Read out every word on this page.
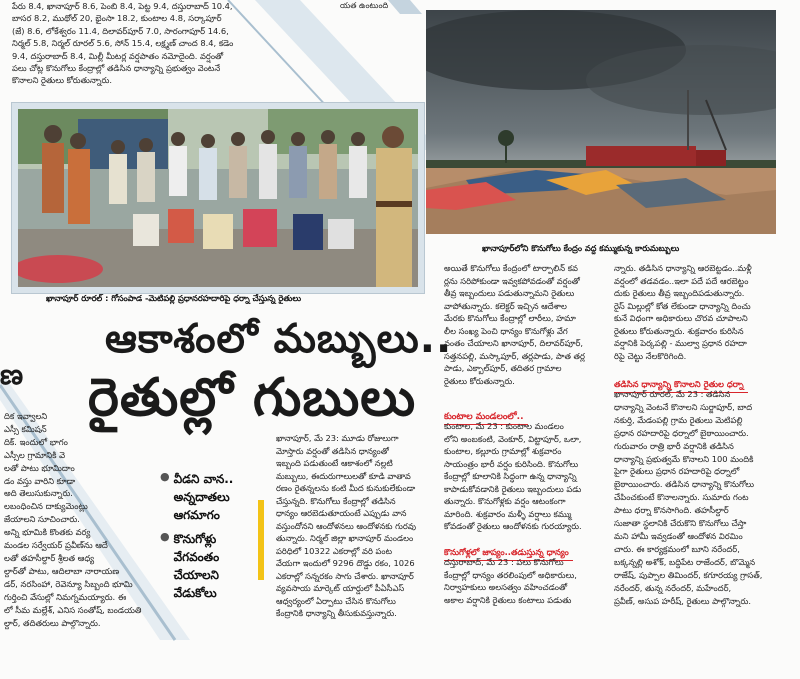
పేరు 8.4, ఖానాపూర్ 8.6, పెంబి 8.4, పెట్ట 9.4, దస్తురాబాద్ 10.4,
బాసర 8.2, ముథోల్ 20, భైంసా 18.2, కుంటాల 4.8, సర్కాపూర్
(జే) 8.6, లోకేశ్వరం 11.4, దిలావర్‌పూర్ 7.0, సారంగాపూర్ 14.6,
నిర్మల్ 5.8, నిర్మల్ రూరల్ 5.6, సోన్ 15.4, లక్ష్మణ్ చాంద 8.4, కడెం
9.4, దస్తురాబాద్ 8.4, మిల్లీ మీటర్ల వర్షపాతం నమోదైంది. వర్షంతో
పలు చోట్ల కొనుగోలు కేంద్రాల్లో తడిసిన ధాన్యాన్ని ప్రభుత్వం వెంటనే
కొనాలని రైతులు కోరుతున్నారు.
యత ఉంటుంది
ఖానాపూర్ రూరల్ : గోసంపాడ -మెటిపల్లి ప్రధానరహదారిపై ధర్నా చేస్తున్న రైతులు
ఖానాపూర్‌లోని కొనుగోలు కేంద్రం వద్ద కమ్ముకున్న కారుమబ్బులు
ఆకాశంలో మబ్బులు..
రైతుల్లో గుబులు
ణ
దిక ఇవ్వాలని
ఎస్సీ కమిషన్
దిక్. ఇందులో భాగం
ఎస్సీల గ్రామానికి వె
లతో పాటు భూమిదాం
డం వస్తు వారిని కూడా
అది తెలుసుకున్నారు.
లబంధించిన దాక్యుమెంట్లు
జేయాలని సూచించారు.
అన్ని భూమికి కొంతకు వర్య
మండల సర్వేయర్ ప్రవీణ్‌ను ఆదే
లతో తహసీల్దార్ శ్రీలత ఆధ్య
ల్దార్‌తో పాటు, ఆదిలాబా నారాయణ
డర్, నరసింహా, రెవెన్యూ సిబ్బంది భూమి
గుర్తించి వేసుల్లో నిమగ్నమయ్యారు. ఈ
లో సీమ మల్లేశ్, ఎనిస సంతోష్, బండయతి
ల్దార్, తదితరులు పాల్గొన్నారు.
● వీడని వాన..
అన్నదాతలు
ఆగమాగం
● కొనుగోళ్లు
వేగవంతం
చేయాలని
వేడుకోలు
ఖానాపూర్, మే 23: మూడు రోజులుగా
మోస్తారు వర్షంతో తడిసిన ధాన్యంతో
ఇబ్బంది పడుతుంటే ఆకాశంలో నల్లటి
మబ్బులు, ఈదురుగాలులతో కూడి వాతావ
రణం రైతన్నలను కంటి మీద కునుకులేకుండా
చేస్తున్నది. కొనుగోలు కేంద్రాల్లో తడిసిన
ధాన్యం ఆరబెడుతూయంటే ఎప్పుడు వాన
వస్తుందోనని ఆందోళనలు ఆందోళనకు గురవు
తున్నారు. నిర్మల్ జిల్లా ఖానాపూర్ మండలం
పరిధిలో 10322 ఎకరాల్లో వరి పంట
వేయగా ఇందులో 9296 దొడ్డు రకం, 1026
ఎకరాల్లో సన్నరకం సాగు చేశారు. ఖానాపూర్
వ్యవసాయ మార్కెట్ యార్డులో పీఏసీఎస్
ఆధ్వర్యంలో ఏర్పాటు చేసిన కొనుగోలు
కేంద్రానికి ధాన్యాన్ని తీసుకువస్తున్నారు.
అయితే కొనుగోలు కేంద్రంలో టార్పాలిన్ కవ
ర్లను సరిపోకుండా ఇవ్వకపోవడంతో వర్షంతో
తీవ్ర ఇబ్బందులు పడుతున్నామని రైతులు
వాపోతున్నారు. కలెక్టర్ ఇచ్చిన ఆదేశాల
మేరకు కొనుగోలు కేంద్రాల్లో లారీలు, హమా
లీల సంఖ్య పెంచి ధాన్యం కొనుగోళ్లు వేగ
వంతం చేయాలని ఖానాపూర్, దిలావర్‌పూర్,
సత్తనపల్లి, మస్కాపూర్, తర్లపాడు, పాత తర్ల
పాడు, ఎక్బాల్‌పూర్, తదితర గ్రామాల
రైతులు కోరుతున్నారు.
కుంటాల మండలంలో..
కుంటాల, మే 23 : కుంటాల మండలం
లోని అంబకంటి, వెంకూర్, విట్టాపూర్, ఒలా,
కుంటాల, కల్లూరు గ్రామాల్లో శుక్రవారం
సాయంత్రం భారీ వర్షం కురిసింది. కొనుగోలు
కేంద్రాల్లో కూలానికి సిద్ధంగా ఉన్న ధాన్యాన్ని
కాపాడుకోవడానికి రైతులు ఇబ్బందులు పడు
తున్నారు. కొనుగోళ్లకు వర్షం ఆటంకంగా
మారింది. శుక్రవారం మళ్ళీ వర్షాలు కమ్ము
కోవడంతో రైతులు ఆందోళనకు గురయ్యారు.
కొనుగోళ్లలో జాప్యం..తడుస్తున్న ధాన్యం
దస్తురాబాద్, మే 23 : పలు కొనుగోలు
కేంద్రాల్లో ధాన్యం తరలింపులో అధికారులు,
నిర్వాహకులు అలసత్వం వహించడంతో
అకాల వర్షానికి రైతులు కంటాలు పడుతు
న్నారు. తడిసిన ధాన్యాన్ని ఆరబెట్టడం..మళ్లీ
వర్షంలో తడవడం..ఇలా పదే పదే ఆరబెట్టం
దుకు రైతులు తీవ్ర ఇబ్బందిపడుతున్నారు.
రైస్ మిల్లుల్లో కోత లేకుండా ధాన్యాన్ని దించు
కునే విధంగా అధికారులు చొరవ చూపాలని
రైతులు కోరుతున్నారు. శుక్రవారం కురిసిన
వర్షానికి పెర్కపల్లి - ముల్వా ప్రధాన రహదా
రిపై చెట్టు నేలకొరిగింది.
తడిసిన ధాన్యాన్ని కొనాలని రైతుల ధర్నా
ఖానాపూర్ రూరల్, మే 23 : తడిసిన
ధాన్యాన్ని వెంటనే కొనాలని సుర్జాపూర్, బాద
నకుర్తి, మేడంపల్లి గ్రామ రైతులు మెటిపల్లి
ప్రధాన రహదారిపై ధర్నాలో బైఠాయించారు.
గురువారం రాత్రి భారీ వర్షానికి తడిసిన
ధాన్యాన్ని ప్రభుత్వమే కొనాలని 100 మందికి
పైగా రైతులు ప్రధాన రహదారిపై ధర్నాలో
బైఠాయించారు. తడిసిన ధాన్యాన్ని కొనుగోలు
చేపించకుంటే కొనాలన్నారు. సుమారు గంట
పాటు ధర్నా కొనసాగింది. తహసీల్దార్
సుజాతా స్థలానికి చేరుకొని కొనుగోలు చేస్తా
మని హామీ ఇవ్వడంతో ఆందోళన విరమిం
చారు. ఈ కార్యక్రమంలో బూని నరేందర్,
బక్కన్నల్లి అశోక్, బద్దిపేట రాజేందర్, బొమ్మెన
రాజేష్, పుప్పాల తిమిందర్, కగూరయ్య గ్రాసత్,
నరేందర్, తున్న నరేందర్, మహేందర్,
ప్రవీణ్, అసుప హరీష్, రైతులు పాల్గొన్నారు.
